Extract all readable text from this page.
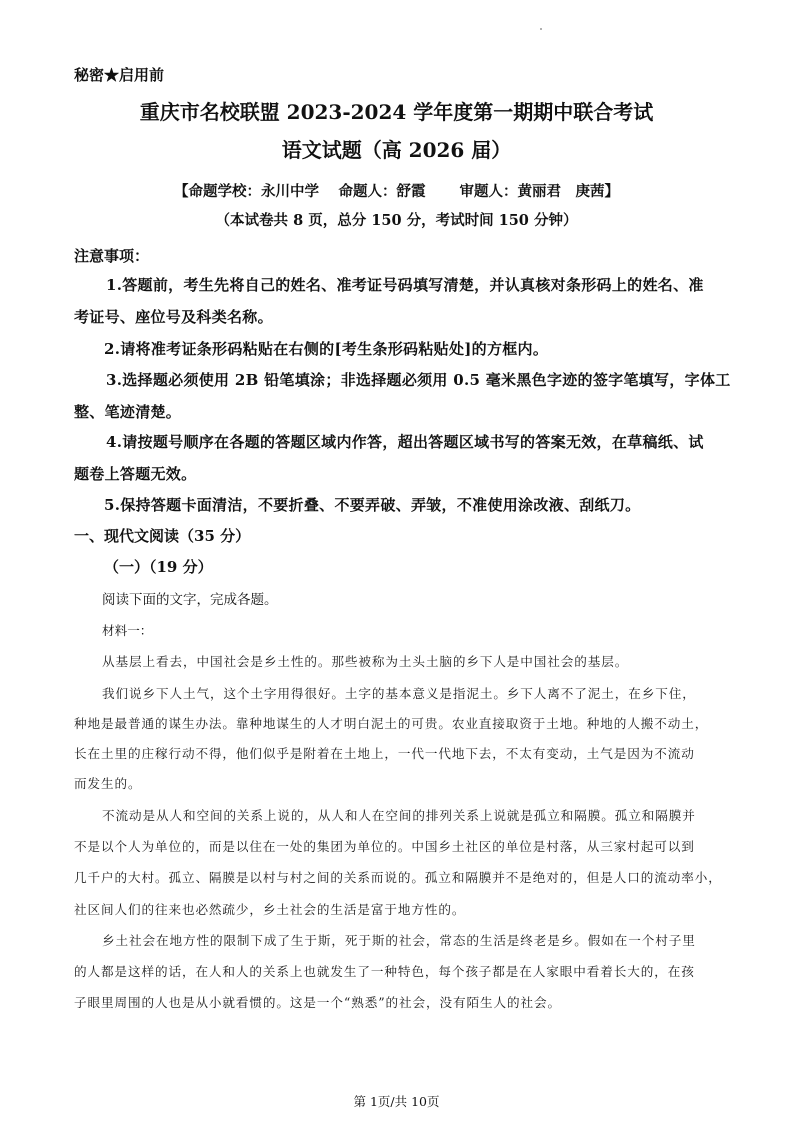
秘密★启用前
重庆市名校联盟 2023-2024 学年度第一期期中联合考试
语文试题（高 2026 届）
【命题学校：永川中学　 命题人：舒霞　　 审题人：黄丽君　庚茜】
（本试卷共 8 页，总分 150 分，考试时间 150 分钟）
注意事项：
1.答题前，考生先将自己的姓名、准考证号码填写清楚，并认真核对条形码上的姓名、准
考证号、座位号及科类名称。
2.请将准考证条形码粘贴在右侧的[考生条形码粘贴处]的方框内。
3.选择题必须使用 2B 铅笔填涂；非选择题必须用 0.5 毫米黑色字迹的签字笔填写，字体工
整、笔迹清楚。
4.请按题号顺序在各题的答题区域内作答，超出答题区域书写的答案无效，在草稿纸、试
题卷上答题无效。
5.保持答题卡面清洁，不要折叠、不要弄破、弄皱，不准使用涂改液、刮纸刀。
一、现代文阅读（35 分）
（一）（19 分）
阅读下面的文字，完成各题。
材料一：
从基层上看去，中国社会是乡土性的。那些被称为土头土脑的乡下人是中国社会的基层。
我们说乡下人土气，这个土字用得很好。土字的基本意义是指泥土。乡下人离不了泥土，在乡下住，
种地是最普通的谋生办法。靠种地谋生的人才明白泥土的可贵。农业直接取资于土地。种地的人搬不动土，
长在土里的庄稼行动不得，他们似乎是附着在土地上，一代一代地下去，不太有变动，土气是因为不流动
而发生的。
不流动是从人和空间的关系上说的，从人和人在空间的排列关系上说就是孤立和隔膜。孤立和隔膜并
不是以个人为单位的，而是以住在一处的集团为单位的。中国乡土社区的单位是村落，从三家村起可以到
几千户的大村。孤立、隔膜是以村与村之间的关系而说的。孤立和隔膜并不是绝对的，但是人口的流动率小，
社区间人们的往来也必然疏少，乡土社会的生活是富于地方性的。
乡土社会在地方性的限制下成了生于斯，死于斯的社会，常态的生活是终老是乡。假如在一个村子里
的人都是这样的话，在人和人的关系上也就发生了一种特色，每个孩子都是在人家眼中看着长大的，在孩
子眼里周围的人也是从小就看惯的。这是一个“熟悉”的社会，没有陌生人的社会。
第 1页/共 10页
